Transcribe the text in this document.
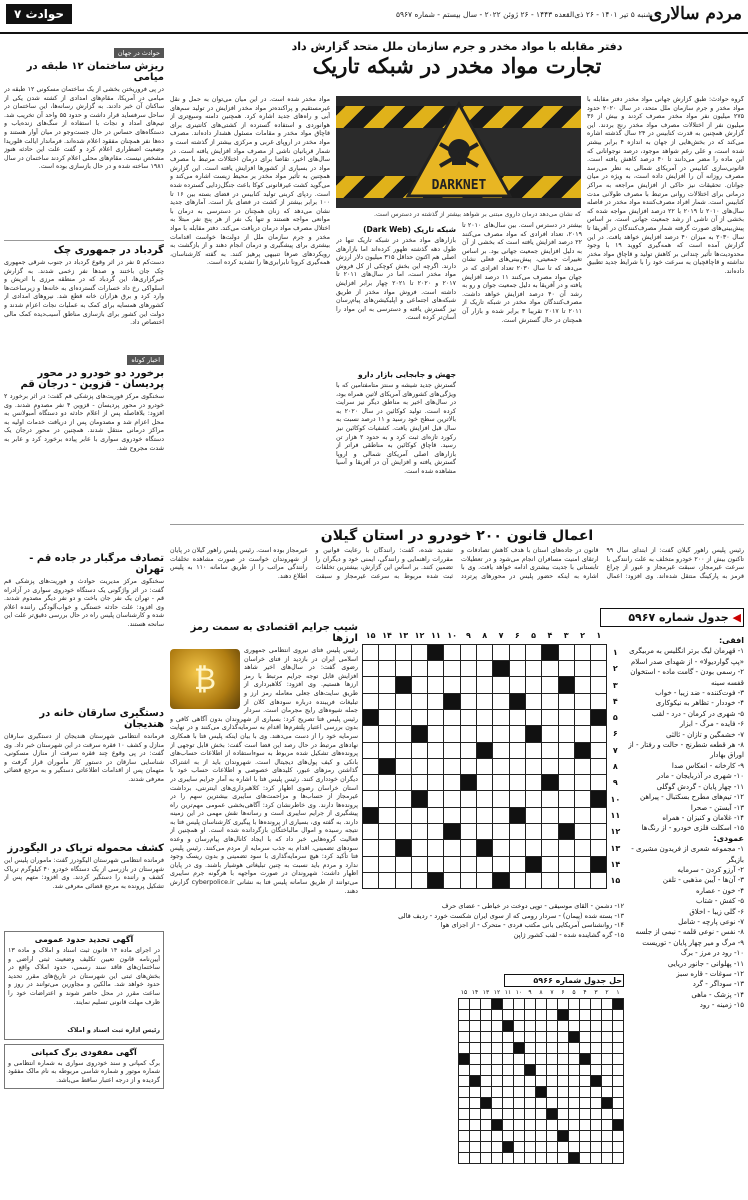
مردم سالاری
شنبه ۵ تیر ۱۴۰۱ - ۲۶ ذی‌القعده ۱۴۴۳ - ۲۶ ژوئن ۲۰۲۲ - سال بیستم - شماره ۵۹۶۷
حوادث ۷
حوادث در جهان
ریزش ساختمان ۱۲ طبقه در میامی
در پی فروریختن بخشی از یک ساختمان مسکونی ۱۲ طبقه در میامی در آمریکا، مقام‌های امدادی از کشته شدن یکی از ساکنان آن خبر دادند. به گزارش رسانه‌ها، این ساختمان در ساحل سرفساید قرار داشت و حدود ۵۵ واحد آن تخریب شد. تیم‌های امداد و نجات با استفاده از سگ‌های زنده‌یاب و دستگاه‌های حساس در حال جست‌وجو در میان آوار هستند و ده‌ها نفر همچنان مفقود اعلام شده‌اند. فرماندار ایالت فلوریدا وضعیت اضطراری اعلام کرد و گفت علت این حادثه هنوز مشخص نیست. مقام‌های محلی اعلام کردند ساختمان در سال ۱۹۸۱ ساخته شده و در حال بازسازی بوده است.
گردباد در جمهوری چک
دست‌کم ۵ نفر در اثر وقوع گردباد در جنوب شرقی جمهوری چک جان باختند و صدها نفر زخمی شدند. به گزارش خبرگزاری‌ها، این گردباد که در منطقه مرزی با اتریش و اسلواکی رخ داد خسارات گسترده‌ای به خانه‌ها و زیرساخت‌ها وارد کرد و برق هزاران خانه قطع شد. نیروهای امدادی از کشورهای همسایه برای کمک به عملیات نجات اعزام شدند و دولت این کشور برای بازسازی مناطق آسیب‌دیده کمک مالی اختصاص داد.
اخبار کوتاه
برخورد دو خودرو در محور پردیسان - قزوین - درجان قم
سخنگوی مرکز فوریت‌های پزشکی قم گفت: در اثر برخورد ۲ خودرو در محور پردیسان - قزوین ۴ نفر مصدوم شدند. وی افزود: بلافاصله پس از اعلام حادثه دو دستگاه آمبولانس به محل اعزام شد و مصدومان پس از دریافت خدمات اولیه به مراکز درمانی منتقل شدند. همچنین در محور درجان یک دستگاه خودروی سواری با عابر پیاده برخورد کرد و عابر به شدت مجروح شد.
تصادف مرگبار در جاده قم - تهران
سخنگوی مرکز مدیریت حوادث و فوریت‌های پزشکی قم گفت: در اثر واژگونی یک دستگاه خودروی سواری در آزادراه قم - تهران یک نفر جان باخت و دو نفر دیگر مصدوم شدند. وی افزود: علت حادثه خستگی و خواب‌آلودگی راننده اعلام شده و کارشناسان پلیس راه در حال بررسی دقیق‌تر علت این سانحه هستند.
دستگیری سارقان خانه در هندیجان
فرمانده انتظامی شهرستان هندیجان از دستگیری سارقان منازل و کشف ۱۰ فقره سرقت در این شهرستان خبر داد. وی گفت: در پی وقوع چند فقره سرقت از منازل مسکونی، شناسایی سارقان در دستور کار مأموران قرار گرفت و متهمان پس از اقدامات اطلاعاتی دستگیر و به مرجع قضائی معرفی شدند.
کشف محموله تریاک در الیگودرز
فرمانده انتظامی شهرستان الیگودرز گفت: مأموران پلیس این شهرستان در بازرسی از یک دستگاه خودرو ۴۰ کیلوگرم تریاک کشف و راننده را دستگیر کردند. وی افزود: متهم پس از تشکیل پرونده به مرجع قضائی معرفی شد.
آگهی تحدید حدود عمومی
در اجرای ماده ۱۴ قانون ثبت اسناد و املاک و ماده ۱۳ آیین‌نامه قانون تعیین تکلیف وضعیت ثبتی اراضی و ساختمان‌های فاقد سند رسمی، حدود املاک واقع در بخش‌های ثبتی این شهرستان در تاریخ‌های مقرر تحدید حدود خواهد شد. مالکین و مجاورین می‌توانند در روز و ساعت مقرر در محل حاضر شوند و اعتراضات خود را ظرف مهلت قانونی تسلیم نمایند.
رئیس اداره ثبت اسناد و املاک
آگهی مفقودی برگ کمپانی
برگ کمپانی و سند خودروی سواری به شماره انتظامی و شماره موتور و شماره شاسی مربوطه به نام مالک مفقود گردیده و از درجه اعتبار ساقط می‌باشد.
دفتر مقابله با مواد مخدر و جرم سازمان ملل متحد گزارش داد
تجارت مواد مخدر در شبکه تاریک
گروه حوادث: طبق گزارش جهانی مواد مخدر دفتر مقابله با مواد مخدر و جرم سازمان ملل متحد، در سال ۲۰۲۰ حدود ۲۷۵ میلیون نفر مواد مخدر مصرف کردند و بیش از ۳۶ میلیون نفر از اختلالات مصرف مواد مخدر رنج بردند. این گزارش همچنین به قدرت کنابیس در ۲۴ سال گذشته اشاره می‌کند که در بخش‌هایی از جهان به اندازه ۴ برابر بیشتر شده است، و علی رغم شواهد موجود، درصد نوجوانانی که این ماده را مضر می‌دانند تا ۴۰ درصد کاهش یافته است. قانونی‌سازی کنابیس در آمریکای شمالی به نظر می‌رسد مصرف روزانه آن را افزایش داده است، به ویژه در میان جوانان. تحقیقات نیز حاکی از افزایش مراجعه به مراکز درمانی برای اختلالات روانی مرتبط با مصرف طولانی مدت کنابیس است. شمار افراد مصرف‌کننده مواد مخدر در فاصله سال‌های ۲۰۱۰ تا ۲۰۱۹ با ۲۲ درصد افزایش مواجه شده که بخشی از آن ناشی از رشد جمعیت جهانی است. بر اساس پیش‌بینی‌های صورت گرفته شمار مصرف‌کنندگان در آفریقا تا سال ۲۰۳۰ به میزان ۴۰ درصد افزایش خواهد یافت. در این گزارش آمده است که همه‌گیری کووید ۱۹ با وجود محدودیت‌ها تأثیر چندانی بر کاهش تولید و قاچاق مواد مخدر نداشته و قاچاقچیان به سرعت خود را با شرایط جدید تطبیق داده‌اند.
DARKNET
که نشان می‌دهد درمان داروی مبتنی بر شواهد بیشتر از گذشته در دسترس است.
بیشتر در دسترس است. بین سال‌های ۲۰۱۰ تا ۲۰۱۹، تعداد افرادی که مواد مصرف می‌کنند ۲۲ درصد افزایش یافته است که بخشی از آن به دلیل افزایش جمعیت جهانی بود. بر اساس تغییرات جمعیتی، پیش‌بینی‌های فعلی نشان می‌دهد که تا سال ۲۰۳۰ تعداد افرادی که در جهان مواد مصرف می‌کنند ۱۱ درصد افزایش یافته و در آفریقا به دلیل جمعیت جوان و رو به رشد آن ۴۰ درصد افزایش خواهد داشت. مصرف‌کنندگان مواد مخدر در شبکه تاریک از ۲۰۱۱ تا ۲۰۱۷ تقریبا ۳ برابر شده و بازار آن همچنان در حال گسترش است.
شبکه تاریک (Dark Web)
بازارهای مواد مخدر در شبکه تاریک تنها در طول دهه گذشته ظهور کرده‌اند اما بازارهای اصلی هم اکنون حداقل ۳۱۵ میلیون دلار ارزش دارند. اگرچه این بخش کوچکی از کل فروش مواد مخدر است، اما در سال‌های ۲۰۱۱ تا ۲۰۱۷ و ۲۰۲۰ تا ۲۰۲۱ چهار برابر افزایش داشته است. فروش مواد مخدر از طریق شبکه‌های اجتماعی و اپلیکیشن‌های پیام‌رسان نیز گسترش یافته و دسترسی به این مواد را آسان‌تر کرده است.
جهش و جابجایی بازار دارو
گسترش جدید شیشه و سنتز متامفتامین که با ویژگی‌های کشورهای آمریکای لاتین همراه بود، در سال‌های اخیر به مناطق دیگر نیز سرایت کرده است. تولید کوکائین در سال ۲۰۲۰ به بالاترین سطح خود رسید و ۱۱ درصد نسبت به سال قبل افزایش یافت. کشفیات کوکائین نیز رکورد تازه‌ای ثبت کرد و به حدود ۲ هزار تن رسید. قاچاق کوکائین به مناطقی فراتر از بازارهای اصلی آمریکای شمالی و اروپا گسترش یافته و افزایش آن در آفریقا و آسیا مشاهده شده است.
مواد مخدر شده است. در این میان می‌توان به حمل و نقل غیرمستقیم و پراکنده‌تر مواد مخدر افزایش در تولید سم‌های آبی و راه‌های جدید اشاره کرد. همچنین دامنه وسیع‌تری از هوانوردی و استفاده گسترده از کشتی‌های کانتینری برای قاچاق مواد مخدر و مقامات مسئول هشدار داده‌اند. مصرف مواد مخدر در اروپای غربی و مرکزی بیشتر از گذشته است و شمار قربانیان ناشی از مصرف مواد افزایش یافته است. در سال‌های اخیر، تقاضا برای درمان اختلالات مرتبط با مصرف مواد در بسیاری از کشورها افزایش یافته است. این گزارش همچنین به تأثیر مواد مخدر بر محیط زیست اشاره می‌کند و می‌گوید کشت غیرقانونی کوکا باعث جنگل‌زدایی گسترده شده است. ردپای کربنی تولید کنابیس در فضای بسته بین ۱۶ تا ۱۰۰ برابر بیشتر از کشت در فضای باز است. آمارهای جدید نشان می‌دهد که زنان همچنان در دسترسی به درمان با موانعی مواجه هستند و تنها یک نفر از هر پنج نفر مبتلا به اختلال مصرف مواد درمان دریافت می‌کند. دفتر مقابله با مواد مخدر و جرم سازمان ملل از دولت‌ها خواست اقدامات بیشتری برای پیشگیری و درمان انجام دهند و از بازگشت به رویکردهای صرفا تنبیهی پرهیز کنند. به گفته کارشناسان، همه‌گیری کرونا نابرابری‌ها را تشدید کرده است.
اعمال قانون ۲۰۰ خودرو در استان گیلان
رئیس پلیس راهور گیلان گفت: از ابتدای سال ۹۹ تاکنون بیش از ۲۰۰ خودرو متخلف به علت رانندگی با سرعت غیرمجاز، سبقت غیرمجاز و عبور از چراغ قرمز به پارکینگ منتقل شده‌اند. وی افزود: اعمال قانون در جاده‌های استان با هدف کاهش تصادفات و ارتقای امنیت مسافران انجام می‌شود و در تعطیلات تابستانی با جدیت بیشتری ادامه خواهد یافت. وی با اشاره به اینکه حضور پلیس در محورهای پرتردد تشدید شده، گفت: رانندگان با رعایت قوانین و مقررات راهنمایی و رانندگی، ایمنی خود و دیگران را تضمین کنند. بر اساس این گزارش، بیشترین تخلفات ثبت شده مربوط به سرعت غیرمجاز و سبقت غیرمجاز بوده است. رئیس پلیس راهور گیلان در پایان از شهروندان خواست در صورت مشاهده تخلفات رانندگی مراتب را از طریق سامانه ۱۱۰ به پلیس اطلاع دهند.
◀ جدول شماره ۵۹۶۷
	۱	۲	۳	۴	۵	۶	۷	۸	۹	۱۰	۱۱	۱۲	۱۳	۱۴	۱۵
۱															
۲															
۳															
۴															
۵															
۶															
۷															
۸															
۹															
۱۰															
۱۱															
۱۲															
۱۳															
۱۴															
۱۵															
افقی:
۱- قهرمان لیگ برتر انگلیس به مربیگری «پپ گواردیولا» - از شهدای صدر اسلام
۲- رسمی بودن - گامت ماده - استخوان قفسه سینه
۳- فوت‌کننده - ضد زیبا - خواب
۴- خوددار - تظاهر به نیکوکاری
۵- شهری در کرمان - درد - لقب
۶- فایده - مرگ - ابزار
۷- خشمگین و تازان - ثالثی
۸- هر قطعه شطرنج - حالت و رفتار - از اوراق بهادار
۹- کارخانه - انعکاس صدا
۱۰- شهری در آذربایجان - مادر
۱۱- چهار پایان - گردش گوگلی
۱۲- تیم‌های مطرح بسکتبال - پیراهن
۱۳- آبستن - صحرا
۱۴- غلامان و کنیزان - همراه
۱۵- اسکلت فلزی خودرو - از رنگ‌ها
عمودی:
۱- مجموعه شعری از فریدون مشیری - بازیگر
۲- آرزو کردن - سرمایه
۳- آن‌ها - آیین مذهبی - تلفن
۴- خون - عصاره
۵- کفش - شتاب
۶- گلی زیبا - اخلاق
۷- نوعی پارچه - شامل
۸- نفس - نوعی قلمه - نیمی از جلسه
۹- مرگ و میر چهار پایان - توریست
۱۰- رود در مرز - برگ
۱۱- پهلوانی - جانور دریایی
۱۲- سوغات - قاره سبز
۱۳- سوداگر - گرد
۱۴- پزشک - ماهی
۱۵- زمینه - رود
۱۲- دشمن - القای موسیقی - توپی دوخت در خیاطی - عضای حرف
۱۳- بسته شده (پیمان) - سردار رومی که از سوی ایران شکست خورد - ردیف قالی
۱۴- روانشناسی آمریکایی بانی مکتب فردی - متحرک - از اجزای هوا
۱۵- گره گشاینده شده - لقب کشور ژاپن
حل جدول شماره ۵۹۶۶
۱	۲	۳	۴	۵	۶	۷	۸	۹	۱۰	۱۱	۱۲	۱۳	۱۴	۱۵

شیب جرایم اقتصادی به سمت رمز ارزها
₿
رئیس پلیس فتای نیروی انتظامی جمهوری اسلامی ایران در بازدید از فتای خراسان رضوی گفت: در سال‌های اخیر شاهد افزایش قابل توجه جرایم مرتبط با رمز ارزها هستیم. وی افزود: کلاهبرداری از طریق سایت‌های جعلی معامله رمز ارز و تبلیغات فریبنده درباره سودهای کلان از جمله شیوه‌های رایج مجرمان است. سردار رئیس پلیس فتا تصریح کرد: بسیاری از شهروندان بدون آگاهی کافی و بدون بررسی اعتبار پلتفرم‌ها اقدام به سرمایه‌گذاری می‌کنند و در نهایت سرمایه خود را از دست می‌دهند. وی با بیان اینکه پلیس فتا با همکاری نهادهای مرتبط در حال رصد این فضا است گفت: بخش قابل توجهی از پرونده‌های تشکیل شده مربوط به سوءاستفاده از اطلاعات حساب‌های بانکی و کیف پول‌های دیجیتال است. شهروندان باید از به اشتراک گذاشتن رمزهای عبور، کلیدهای خصوصی و اطلاعات حساب خود با دیگران خودداری کنند. رئیس پلیس فتا با اشاره به آمار جرایم سایبری در استان خراسان رضوی اظهار کرد: کلاهبرداری‌های اینترنتی، برداشت غیرمجاز از حساب‌ها و مزاحمت‌های سایبری بیشترین سهم را در پرونده‌ها دارند. وی خاطرنشان کرد: آگاهی‌بخشی عمومی مهم‌ترین راه پیشگیری از جرایم سایبری است و رسانه‌ها نقش مهمی در این زمینه دارند. به گفته وی، بسیاری از پرونده‌ها با پیگیری کارشناسان پلیس فتا به نتیجه رسیده و اموال مالباختگان بازگردانده شده است. او همچنین از فعالیت گروه‌هایی خبر داد که با ایجاد کانال‌های پیام‌رسان و وعده سودهای تضمینی، اقدام به جذب سرمایه از مردم می‌کنند. رئیس پلیس فتا تأکید کرد: هیچ سرمایه‌گذاری با سود تضمینی و بدون ریسک وجود ندارد و مردم باید نسبت به چنین تبلیغاتی هوشیار باشند. وی در پایان اظهار داشت: شهروندان در صورت مواجهه با هرگونه جرم سایبری می‌توانند از طریق سامانه پلیس فتا به نشانی cyberpolice.ir گزارش دهند.
